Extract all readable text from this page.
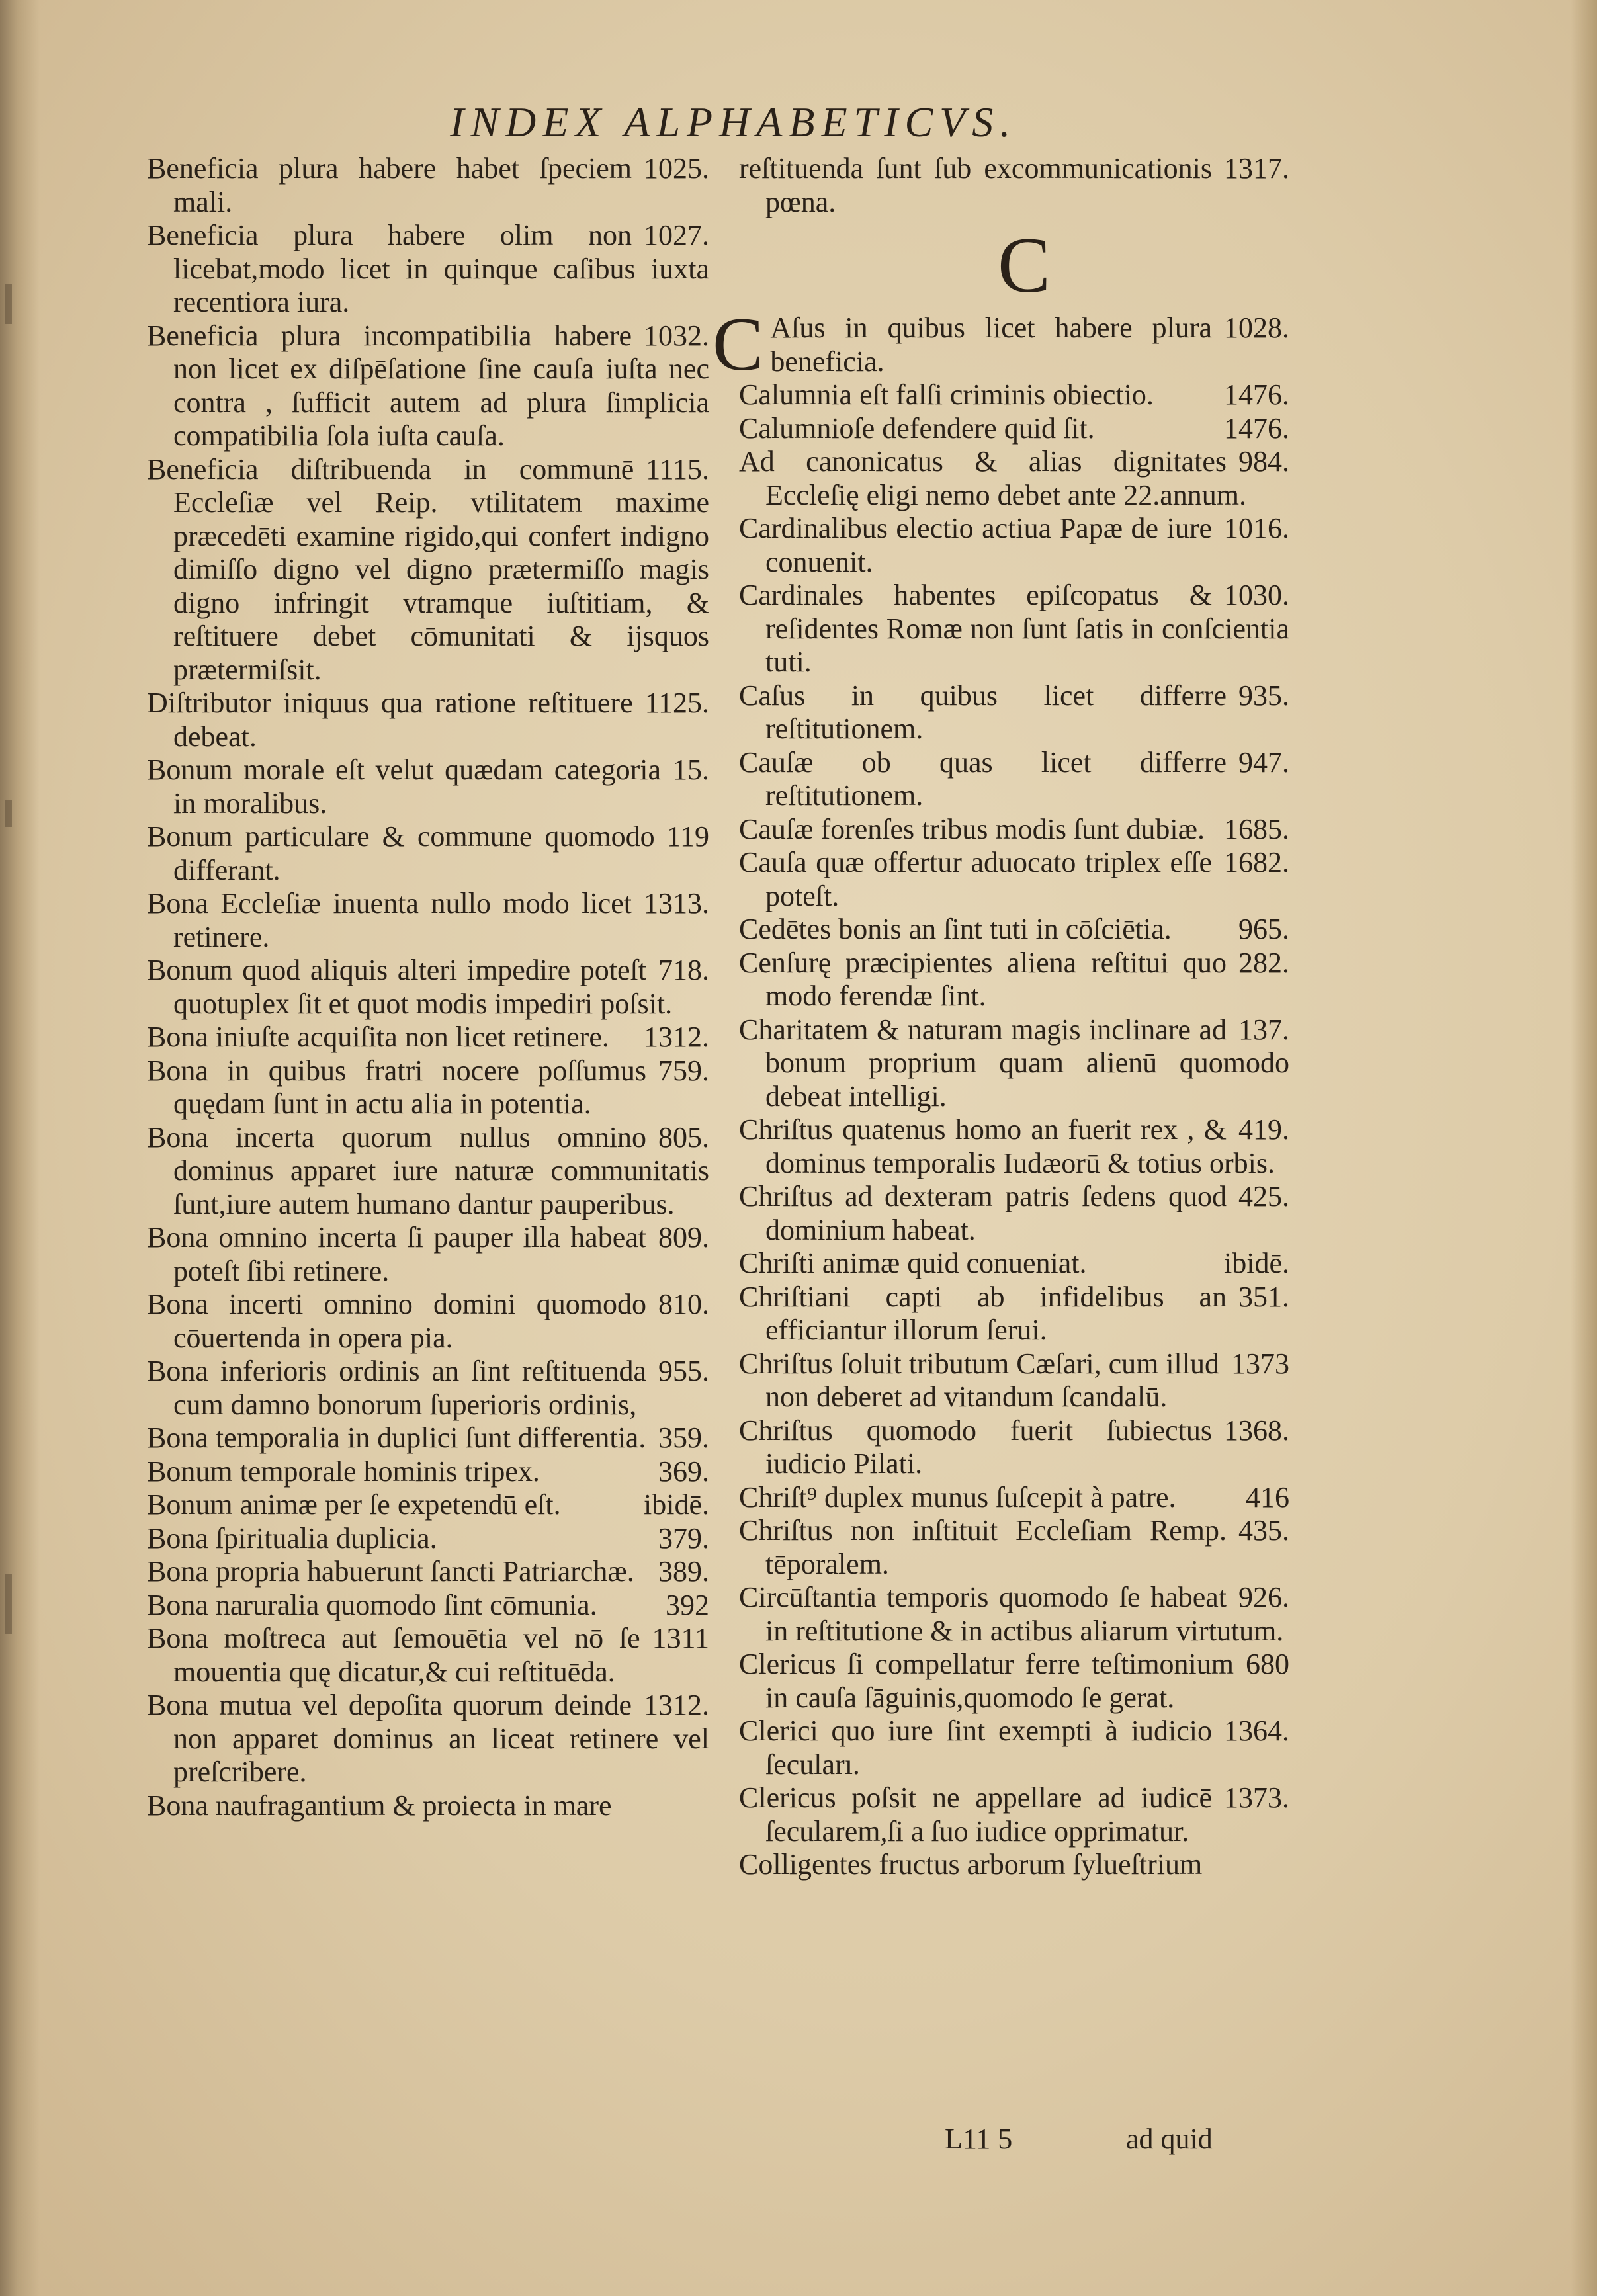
INDEX ALPHABETICVS.

1025.
Beneficia plura habere habet ſpeciem mali.

1027.
Beneficia plura habere olim non licebat,modo licet in quinque caſibus iuxta recentiora iura.

1032.
Beneficia plura incompatibilia habere non licet ex diſpēſatione ſine cauſa iuſta nec contra , ſufficit autem ad plura ſimplicia compatibilia ſola iuſta cauſa.

1115.
Beneficia diſtribuenda in communē Eccleſiæ vel Reip. vtilitatem maxime præcedēti examine rigido,qui confert indigno dimiſſo digno vel digno prætermiſſo magis digno infringit vtramque iuſtitiam, & reſtituere debet cōmunitati & ijsquos prætermiſsit.

1125.
Diſtributor iniquus qua ratione reſtituere debeat.

15.
Bonum morale eſt velut quædam categoria in moralibus.

119
Bonum particulare & commune quomodo differant.

1313.
Bona Eccleſiæ inuenta nullo modo licet retinere.

718.
Bonum quod aliquis alteri impedire poteſt quotuplex ſit et quot modis impediri poſsit.

1312.
Bona iniuſte acquiſita non licet retinere.

759.
Bona in quibus fratri nocere poſſumus quędam ſunt in actu alia in potentia.

805.
Bona incerta quorum nullus omnino dominus apparet iure naturæ communitatis ſunt,iure autem humano dantur pauperibus.

809.
Bona omnino incerta ſi pauper illa habeat poteſt ſibi retinere.

810.
Bona incerti omnino domini quomodo cōuertenda in opera pia.

955.
Bona inferioris ordinis an ſint reſtituenda cum damno bonorum ſuperioris ordinis,

359.
Bona temporalia in duplici ſunt differentia.

369.
Bonum temporale hominis tripex.

ibidē.
Bonum animæ per ſe expetendū eſt.

379.
Bona ſpiritualia duplicia.

389.
Bona propria habuerunt ſancti Patriarchæ.

392
Bona naruralia quomodo ſint cōmunia.

1311
Bona moſtreca aut ſemouētia vel nō ſe mouentia quę dicatur,& cui reſtituēda.

1312.
Bona mutua vel depoſita quorum deinde non apparet dominus an liceat retinere vel preſcribere.

Bona naufragantium & proiecta in mare

1317.
reſtituenda ſunt ſub excommunicationis pœna.

C

C	1028.
Aſus in quibus licet habere plura beneficia.

1476.
Calumnia eſt falſi criminis obiectio.

1476.
Calumnioſe defendere quid ſit.

984.
Ad canonicatus & alias dignitates Eccleſię eligi nemo debet ante 22.annum.

1016.
Cardinalibus electio actiua Papæ de iure conuenit.

1030.
Cardinales habentes epiſcopatus & reſidentes Romæ non ſunt ſatis in conſcientia tuti.

935.
Caſus in quibus licet differre reſtitutionem.

947.
Cauſæ ob quas licet differre reſtitutionem.

1685.
Cauſæ forenſes tribus modis ſunt dubiæ.

1682.
Cauſa quæ offertur aduocato triplex eſſe poteſt.

965.
Cedētes bonis an ſint tuti in cōſciētia.

282.
Cenſurę præcipientes aliena reſtitui quo modo ferendæ ſint.

137.
Charitatem & naturam magis inclinare ad bonum proprium quam alienū quomodo debeat intelligi.

419.
Chriſtus quatenus homo an fuerit rex , & dominus temporalis Iudæorū & totius orbis.

425.
Chriſtus ad dexteram patris ſedens quod dominium habeat.

ibidē.
Chriſti animæ quid conueniat.

351.
Chriſtiani capti ab infidelibus an efficiantur illorum ſerui.

1373
Chriſtus ſoluit tributum Cæſari, cum illud non deberet ad vitandum ſcandalū.

1368.
Chriſtus quomodo fuerit ſubiectus iudicio Pilati.

416
Chriſt⁹ duplex munus ſuſcepit à patre.

435.
Chriſtus non inſtituit Eccleſiam Remp. tēporalem.

926.
Circūſtantia temporis quomodo ſe habeat in reſtitutione & in actibus aliarum virtutum.

680
Clericus ſi compellatur ferre teſtimonium in cauſa ſāguinis,quomodo ſe gerat.

1364.
Clerici quo iure ſint exempti à iudicio ſecuları.

1373.
Clericus poſsit ne appellare ad iudicē ſecularem,ſi a ſuo iudice opprimatur.

Colligentes fructus arborum ſylueſtrium

L11 5	ad quid
